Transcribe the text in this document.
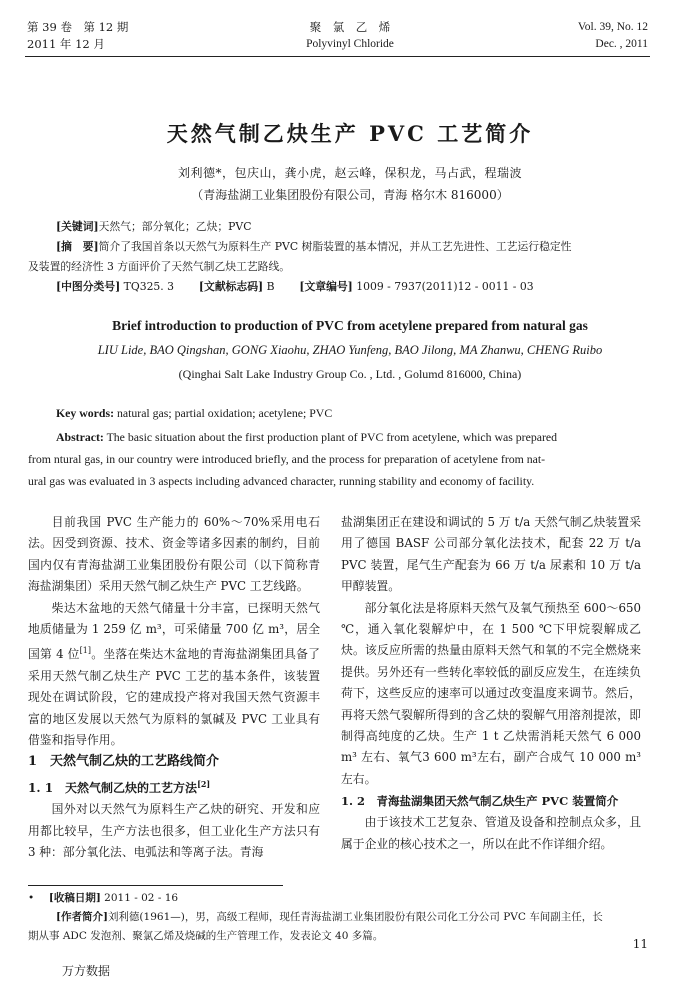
第 39 卷　第 12 期
2011 年 12 月
聚　氯　乙　烯
Polyvinyl Chloride
Vol. 39, No. 12
Dec. , 2011
天然气制乙炔生产 PVC 工艺简介
刘利德*，包庆山，龚小虎，赵云峰，保积龙，马占武，程瑞波
（青海盐湖工业集团股份有限公司，青海 格尔木 816000）
[关键词]天然气；部分氧化；乙炔；PVC
[摘　要]简介了我国首条以天然气为原料生产 PVC 树脂装置的基本情况，并从工艺先进性、工艺运行稳定性
及装置的经济性 3 方面评价了天然气制乙炔工艺路线。
[中图分类号] TQ325. 3 [文献标志码] B [文章编号] 1009 - 7937(2011)12 - 0011 - 03
Brief introduction to production of PVC from acetylene prepared from natural gas
LIU Lide, BAO Qingshan, GONG Xiaohu, ZHAO Yunfeng, BAO Jilong, MA Zhanwu, CHENG Ruibo
(Qinghai Salt Lake Industry Group Co. , Ltd. , Golumd 816000, China)
Key words: natural gas; partial oxidation; acetylene; PVC
Abstract: The basic situation about the first production plant of PVC from acetylene, which was prepared
from ntural gas, in our country were introduced briefly, and the process for preparation of acetylene from nat-
ural gas was evaluated in 3 aspects including advanced character, running stability and economy of facility.

目前我国 PVC 生产能力的 60%～70%采用电石法。因受到资源、技术、资金等诸多因素的制约，目前国内仅有青海盐湖工业集团股份有限公司（以下简称青海盐湖集团）采用天然气制乙炔生产 PVC 工艺线路。

柴达木盆地的天然气储量十分丰富，已探明天然气地质储量为 1 259 亿 m³，可采储量 700 亿 m³，居全国第 4 位[1]。坐落在柴达木盆地的青海盐湖集团具备了采用天然气制乙炔生产 PVC 工艺的基本条件，该装置现处在调试阶段，它的建成投产将对我国天然气资源丰富的地区发展以天然气为原料的氯碱及 PVC 工业具有借鉴和指导作用。

1　天然气制乙炔的工艺路线简介
1. 1　天然气制乙炔的工艺方法[2]

国外对以天然气为原料生产乙炔的研究、开发和应用都比较早，生产方法也很多，但工业化生产方法只有 3 种：部分氧化法、电弧法和等离子法。青海

盐湖集团正在建设和调试的 5 万 t/a 天然气制乙炔装置采用了德国 BASF 公司部分氧化法技术，配套 22 万 t/a PVC 装置，尾气生产配套为 66 万 t/a 尿素和 10 万 t/a 甲醇装置。

部分氧化法是将原料天然气及氧气预热至 600～650 ℃，通入氧化裂解炉中，在 1 500 ℃下甲烷裂解成乙炔。该反应所需的热量由原料天然气和氧的不完全燃烧来提供。另外还有一些转化率较低的副反应发生，在连续负荷下，这些反应的速率可以通过改变温度来调节。然后，再将天然气裂解所得到的含乙炔的裂解气用溶剂提浓，即制得高纯度的乙炔。生产 1 t 乙炔需消耗天然气 6 000 m³ 左右、氧气3 600 m³左右，副产合成气 10 000 m³ 左右。

1. 2　青海盐湖集团天然气制乙炔生产 PVC 装置简介

由于该技术工艺复杂、管道及设备和控制点众多，且属于企业的核心技术之一，所以在此不作详细介绍。

• [收稿日期] 2011 - 02 - 16
[作者简介]刘利德(1961—)，男，高级工程师，现任青海盐湖工业集团股份有限公司化工分公司 PVC 车间副主任，长
期从事 ADC 发泡剂、聚氯乙烯及烧碱的生产管理工作，发表论文 40 多篇。
11
万方数据
